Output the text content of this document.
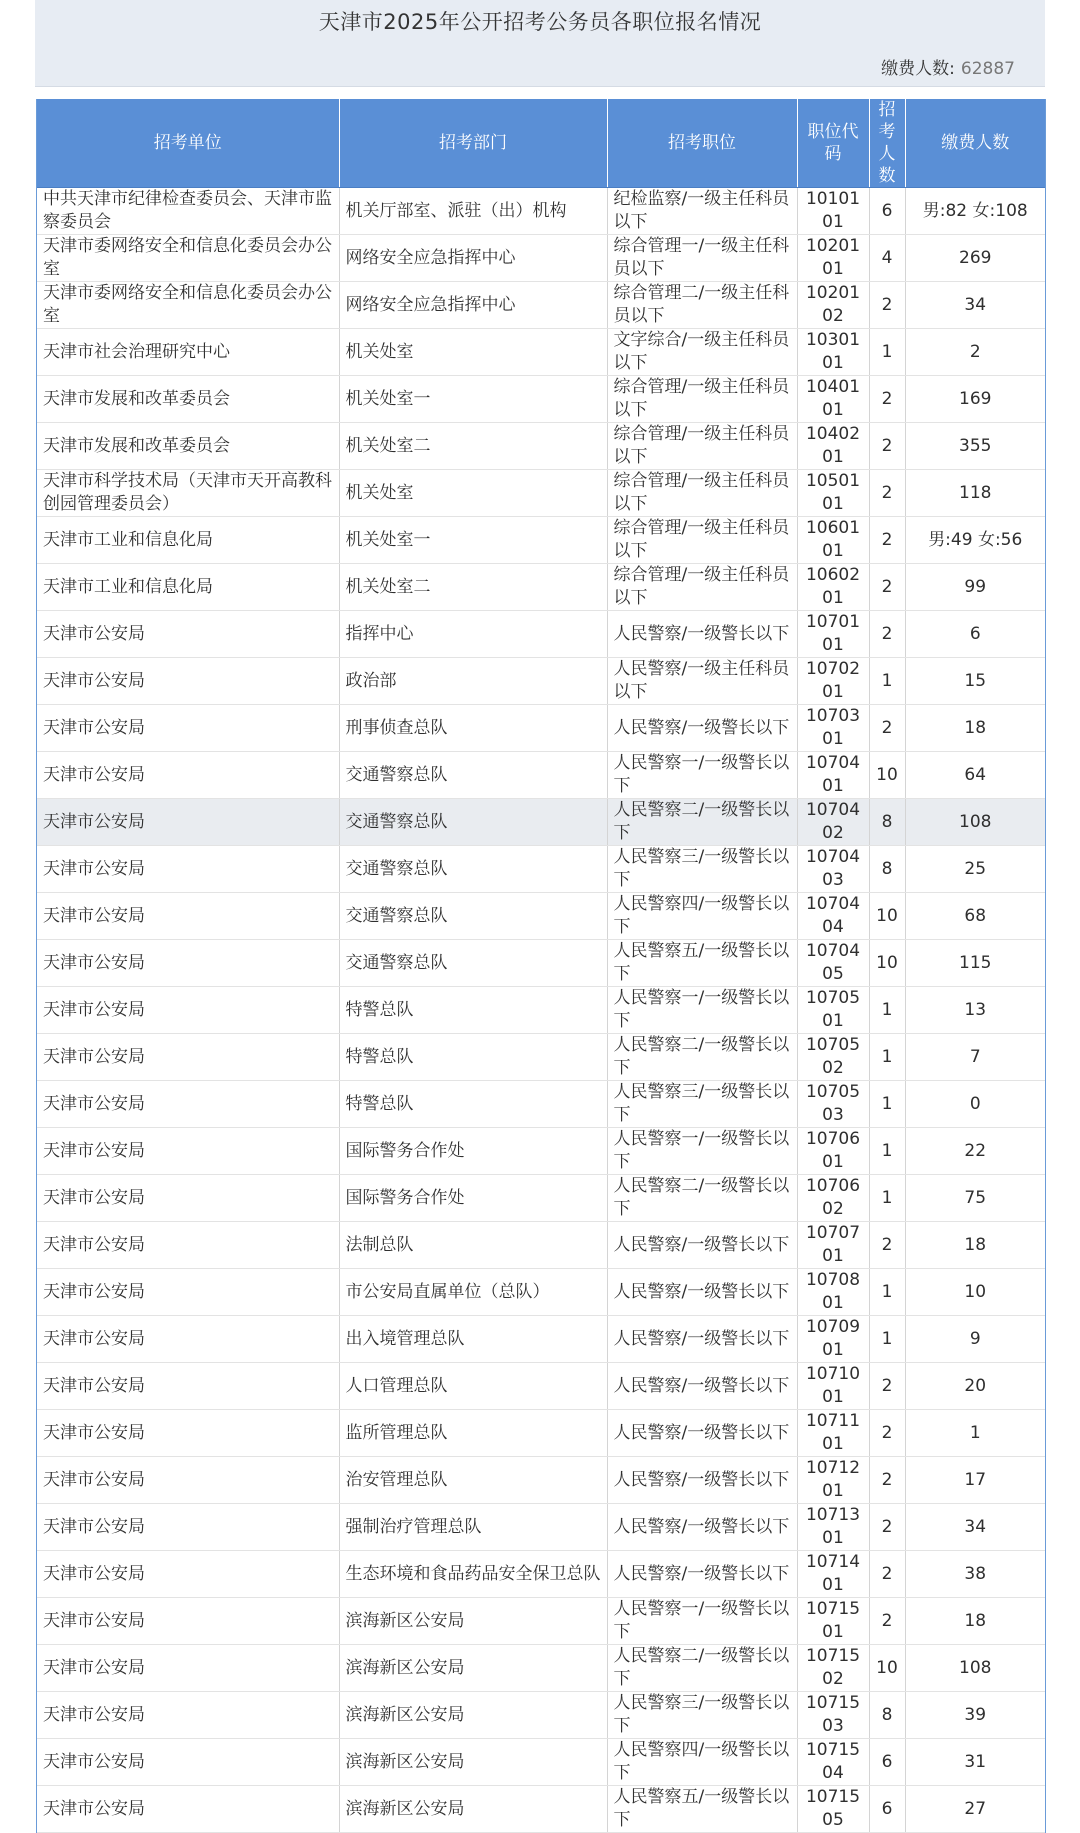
天津市2025年公开招考公务员各职位报名情况
缴费人数: 62887
招考单位	招考部门	招考职位	职位代码	招考人数	缴费人数
中共天津市纪律检查委员会、天津市监察委员会	机关厅部室、派驻（出）机构	纪检监察/一级主任科员以下	1010101	6	男:82 女:108
天津市委网络安全和信息化委员会办公室	网络安全应急指挥中心	综合管理一/一级主任科员以下	1020101	4	269
天津市委网络安全和信息化委员会办公室	网络安全应急指挥中心	综合管理二/一级主任科员以下	1020102	2	34
天津市社会治理研究中心	机关处室	文字综合/一级主任科员以下	1030101	1	2
天津市发展和改革委员会	机关处室一	综合管理/一级主任科员以下	1040101	2	169
天津市发展和改革委员会	机关处室二	综合管理/一级主任科员以下	1040201	2	355
天津市科学技术局（天津市天开高教科创园管理委员会）	机关处室	综合管理/一级主任科员以下	1050101	2	118
天津市工业和信息化局	机关处室一	综合管理/一级主任科员以下	1060101	2	男:49 女:56
天津市工业和信息化局	机关处室二	综合管理/一级主任科员以下	1060201	2	99
天津市公安局	指挥中心	人民警察/一级警长以下	1070101	2	6
天津市公安局	政治部	人民警察/一级主任科员以下	1070201	1	15
天津市公安局	刑事侦查总队	人民警察/一级警长以下	1070301	2	18
天津市公安局	交通警察总队	人民警察一/一级警长以下	1070401	10	64
天津市公安局	交通警察总队	人民警察二/一级警长以下	1070402	8	108
天津市公安局	交通警察总队	人民警察三/一级警长以下	1070403	8	25
天津市公安局	交通警察总队	人民警察四/一级警长以下	1070404	10	68
天津市公安局	交通警察总队	人民警察五/一级警长以下	1070405	10	115
天津市公安局	特警总队	人民警察一/一级警长以下	1070501	1	13
天津市公安局	特警总队	人民警察二/一级警长以下	1070502	1	7
天津市公安局	特警总队	人民警察三/一级警长以下	1070503	1	0
天津市公安局	国际警务合作处	人民警察一/一级警长以下	1070601	1	22
天津市公安局	国际警务合作处	人民警察二/一级警长以下	1070602	1	75
天津市公安局	法制总队	人民警察/一级警长以下	1070701	2	18
天津市公安局	市公安局直属单位（总队）	人民警察/一级警长以下	1070801	1	10
天津市公安局	出入境管理总队	人民警察/一级警长以下	1070901	1	9
天津市公安局	人口管理总队	人民警察/一级警长以下	1071001	2	20
天津市公安局	监所管理总队	人民警察/一级警长以下	1071101	2	1
天津市公安局	治安管理总队	人民警察/一级警长以下	1071201	2	17
天津市公安局	强制治疗管理总队	人民警察/一级警长以下	1071301	2	34
天津市公安局	生态环境和食品药品安全保卫总队	人民警察/一级警长以下	1071401	2	38
天津市公安局	滨海新区公安局	人民警察一/一级警长以下	1071501	2	18
天津市公安局	滨海新区公安局	人民警察二/一级警长以下	1071502	10	108
天津市公安局	滨海新区公安局	人民警察三/一级警长以下	1071503	8	39
天津市公安局	滨海新区公安局	人民警察四/一级警长以下	1071504	6	31
天津市公安局	滨海新区公安局	人民警察五/一级警长以下	1071505	6	27
